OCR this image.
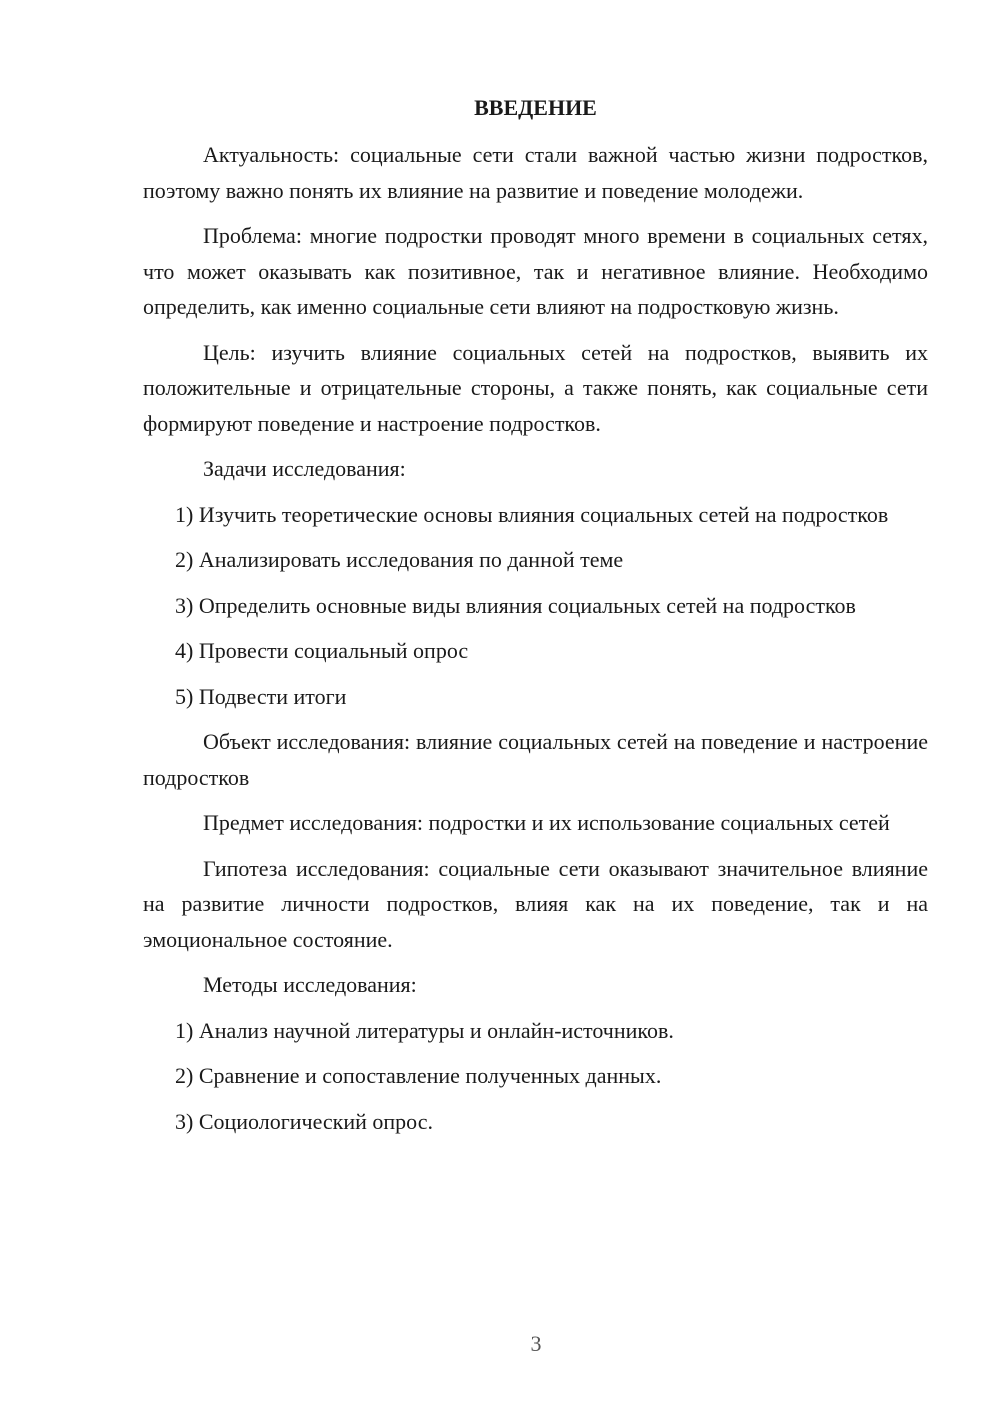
ВВЕДЕНИЕ

Актуальность: социальные сети стали важной частью жизни подростков, поэтому важно понять их влияние на развитие и поведение молодежи.

Проблема: многие подростки проводят много времени в социальных сетях, что может оказывать как позитивное, так и негативное влияние. Необходимо определить, как именно социальные сети влияют на подростковую жизнь.

Цель: изучить влияние социальных сетей на подростков, выявить их положительные и отрицательные стороны, а также понять, как социальные сети формируют поведение и настроение подростков.

Задачи исследования:

1) Изучить теоретические основы влияния социальных сетей на подростков

2) Анализировать исследования по данной теме

3) Определить основные виды влияния социальных сетей на подростков

4) Провести социальный опрос

5) Подвести итоги

Объект исследования: влияние социальных сетей на поведение и настроение подростков

Предмет исследования: подростки и их использование социальных сетей

Гипотеза исследования: социальные сети оказывают значительное влияние на развитие личности подростков, влияя как на их поведение, так и на эмоциональное состояние.

Методы исследования:

1) Анализ научной литературы и онлайн-источников.

2) Сравнение и сопоставление полученных данных.

3) Социологический опрос.

3
